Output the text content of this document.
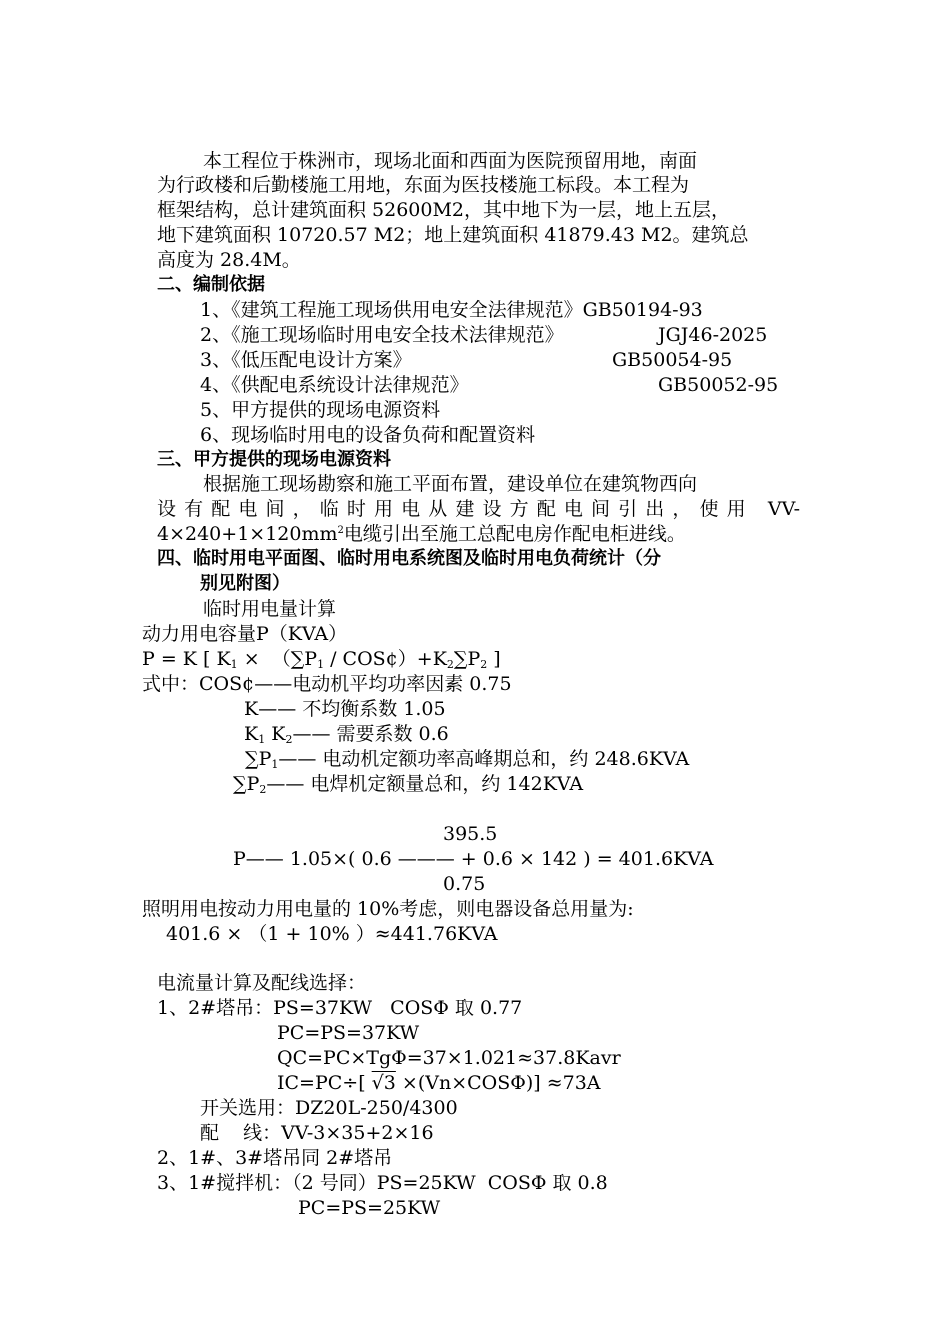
本工程位于株洲市，现场北面和西面为医院预留用地，南面
为行政楼和后勤楼施工用地，东面为医技楼施工标段。本工程为
框架结构，总计建筑面积 52600M2，其中地下为一层，地上五层，
地下建筑面积 10720.57 M2；地上建筑面积 41879.43 M2。建筑总
高度为 28.4M。
二、编制依据
1、《建筑工程施工现场供用电安全法律规范》GB50194-93
2、《施工现场临时用电安全技术法律规范》	JGJ46-2025
3、《低压配电设计方案》	GB50054-95
4、《供配电系统设计法律规范》	GB50052-95
5、甲方提供的现场电源资料
6、现场临时用电的设备负荷和配置资料
三、甲方提供的现场电源资料
根据施工现场勘察和施工平面布置，建设单位在建筑物西向
设有配电间，临时用电从建设方配电间引出，使用 VV-
$4\times 240+1\times 120mm^2$电缆引出至施工总配电房作配电柜进线。
四、临时用电平面图、临时用电系统图及临时用电负荷统计（分
别见附图）
临时用电量计算
动力用电容量P（KVA）
P = K [ $K_1 \times (\sum P_1$ / $COS¢)+K_2\sum P_2$ ]
式中：COS¢——电动机平均功率因素 0.75
K—— 不均衡系数 1.05
$K_1$ $K_2——$ 需要系数 0.6
$\sum P_1——$ 电动机定额功率高峰期总和，约 248.6KVA
$\sum P_2——$ 电焊机定额量总和，约 142KVA
395.5
P—— 1.05×( 0.6 ——— + 0.6 × 142 ) = 401.6KVA
0.75
照明用电按动力用电量的 10%考虑，则电器设备总用量为:
401.6 × （1 + 10% ）≈441.76KVA
电流量计算及配线选择：
1、2#塔吊：PS=37KW   COSΦ 取 0.77
PC=PS=37KW
QC=PC×TgΦ=37×1.021≈37.8Kavr
IC=PC÷[ √3 ×(Vn×COSΦ)] ≈73A
开关选用：DZ20L-250/4300
配    线：VV-3×35+2×16
2、1#、3#塔吊同 2#塔吊
3、1#搅拌机：（2 号同）PS=25KW  COSΦ 取 0.8
PC=PS=25KW
